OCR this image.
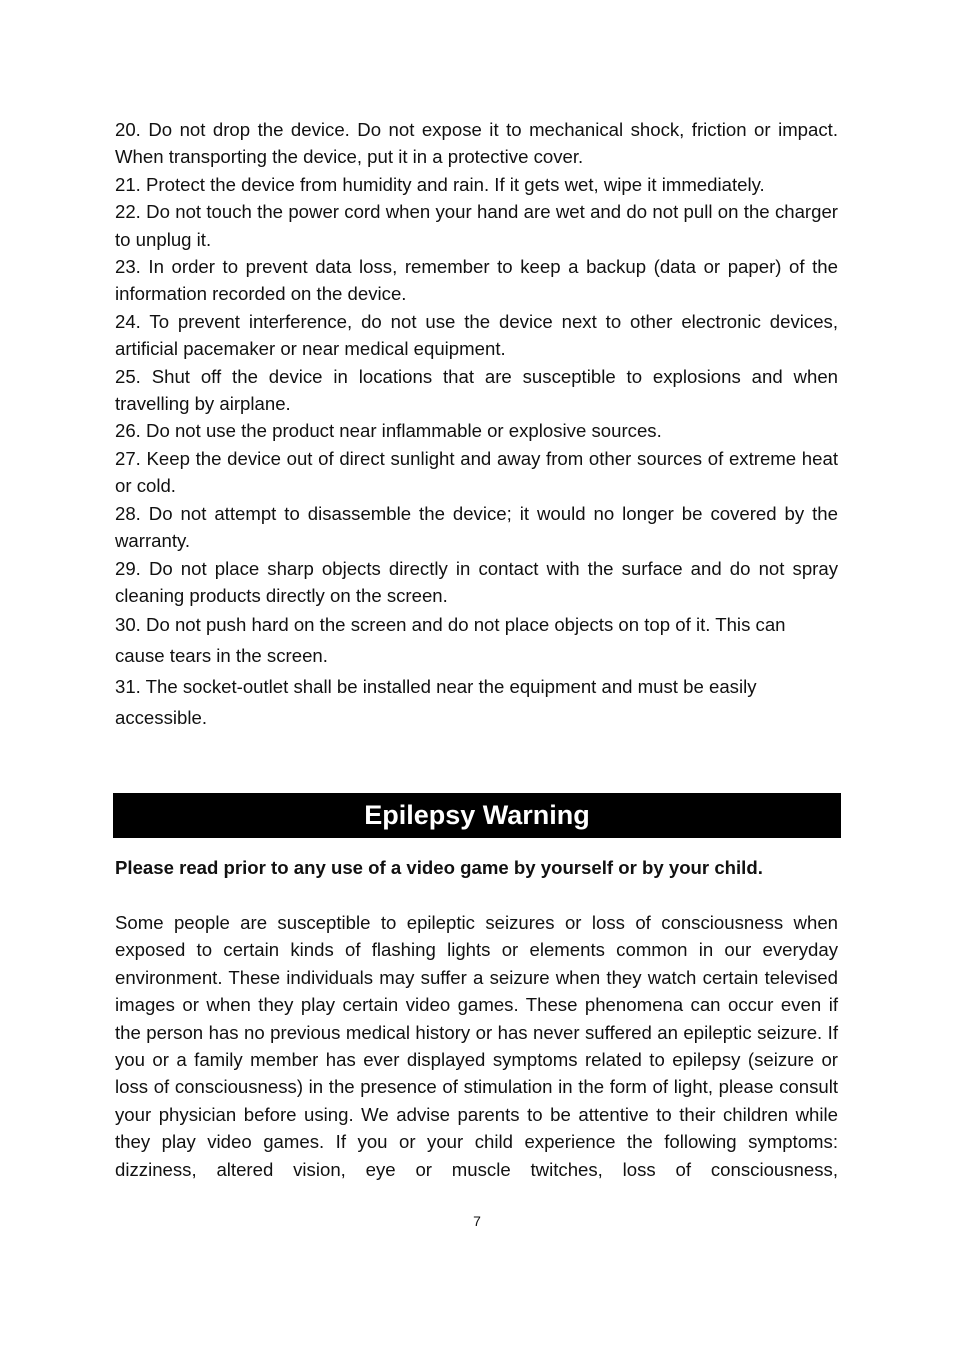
20. Do not drop the device. Do not expose it to mechanical shock, friction or impact. When transporting the device, put it in a protective cover.

21. Protect the device from humidity and rain. If it gets wet, wipe it immediately.

22. Do not touch the power cord when your hand are wet and do not pull on the charger to unplug it.

23. In order to prevent data loss, remember to keep a backup (data or paper) of the information recorded on the device.

24. To prevent interference, do not use the device next to other electronic devices, artificial pacemaker or near medical equipment.

25. Shut off the device in locations that are susceptible to explosions and when travelling by airplane.

26. Do not use the product near inflammable or explosive sources.

27. Keep the device out of direct sunlight and away from other sources of extreme heat or cold.

28. Do not attempt to disassemble the device; it would no longer be covered by the warranty.

29. Do not place sharp objects directly in contact with the surface and do not spray cleaning products directly on the screen.

30. Do not push hard on the screen and do not place objects on top of it. This can cause tears in the screen.

31. The socket-outlet shall be installed near the equipment and must be easily accessible.

Epilepsy Warning
Please read prior to any use of a video game by yourself or by your child.
Some people are susceptible to epileptic seizures or loss of consciousness when exposed to certain kinds of flashing lights or elements common in our everyday environment. These individuals may suffer a seizure when they watch certain televised images or when they play certain video games. These phenomena can occur even if the person has no previous medical history or has never suffered an epileptic seizure. If you or a family member has ever displayed symptoms related to epilepsy (seizure or loss of consciousness) in the presence of stimulation in the form of light, please consult your physician before using. We advise parents to be attentive to their children while they play video games. If you or your child experience the following symptoms: dizziness, altered vision, eye or muscle twitches, loss of consciousness,
7
